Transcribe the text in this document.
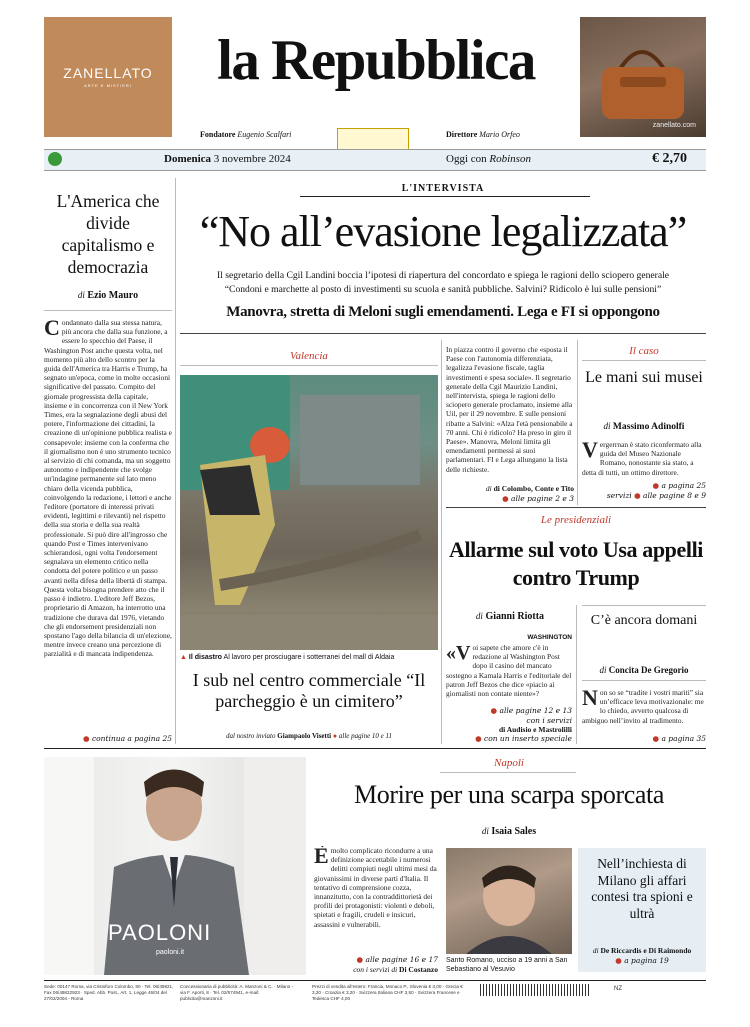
ZANELLATO
ARTE E MISTIERI	la Repubblica
zanellato.com
Fondatore Eugenio Scalfari	Direttore Mario Orfeo
Domenica 3 novembre 2024	Oggi con Robinson	€ 2,70
L'America che divide capitalismo e democrazia
di Ezio Mauro
Condannato dalla sua stessa natura, più ancora che dalla sua funzione, a essere lo specchio del Paese, il Washington Post anche questa volta, nel momento più alto dello scontro per la guida dell'America tra Harris e Trump, ha segnato un'epoca, come in molte occasioni significative del passato. Compito del giornale progressista della capitale, insieme e in concorrenza con il New York Times, era la segnalazione degli abusi del potere, l'informazione dei cittadini, la creazione di un'opinione pubblica realista e consapevole: insieme con la conferma che il giornalismo non è uno strumento tecnico al servizio di chi comanda, ma un soggetto autonomo e indipendente che svolge un'indagine permanente sul lato meno chiaro della vicenda pubblica, coinvolgendo la redazione, i lettori e anche l'editore (portatore di interessi privati evidenti, legittimi e rilevanti) nel rispetto della sua storia e della sua realtà professionale. Si può dire all'ingrosso che quando Post e Times intervenivano schierandosi, ogni volta l'endorsement segnalava un elemento critico nella condotta del potere politico e un passo avanti nella difesa della libertà di stampa. Questa volta bisogna prendere atto che il passo è indietro. L'editore Jeff Bezos, proprietario di Amazon, ha interrotto una tradizione che durava dal 1976, vietando che gli endorsement presidenziali non spostano l'ago della bilancia di un'elezione, mentre invece creano una percezione di parzialità e di mancata indipendenza.
● continua a pagina 25
L'INTERVISTA
“No all’evasione legalizzata”
Il segretario della Cgil Landini boccia l’ipotesi di riapertura del concordato e spiega le ragioni dello sciopero generale
“Condoni e marchette al posto di investimenti su scuola e sanità pubbliche. Salvini? Ridicolo è lui sulle pensioni”
Manovra, stretta di Meloni sugli emendamenti. Lega e FI si oppongono
Valencia
▲ Il disastro Al lavoro per prosciugare i sotterranei del mall di Aldaia
I sub nel centro commerciale “Il parcheggio è un cimitero”
dal nostro inviato Giampaolo Visetti ● alle pagine 10 e 11
In piazza contro il governo che «sposta il Paese con l'autonomia differenziata, legalizza l'evasione fiscale, taglia investimenti e spesa sociale». Il segretario generale della Cgil Maurizio Landini, nell'intervista, spiega le ragioni dello sciopero generale proclamato, insieme alla Uil, per il 29 novembre. E sulle pensioni ribatte a Salvini: «Alza l'età pensionabile a 70 anni. Chi è ridicolo? Ha preso in giro il Paese». Manovra, Meloni limita gli emendamenti permessi ai suoi parlamentari. FI e Lega allungano la lista delle richieste.
di di Colombo, Conte e Tito
● alle pagine 2 e 3
Il caso
Le mani sui musei
di Massimo Adinolfi
Vergerrnan è stato riconfermato alla guida del Museo Nazionale Romano, nonostante sia stato, a detta di tutti, un ottimo direttore.
● a pagina 25
servizi ● alle pagine 8 e 9
Le presidenziali
Allarme sul voto Usa appelli contro Trump
di Gianni Riotta
WASHINGTON
«V oi sapete che amore c'è in redazione al Washington Post dopo il casino del mancato sostegno a Kamala Harris e l'editoriale del patron Jeff Bezos che dice «piacio ai giornalisti non contate niente»?
● alle pagine 12 e 13
con i servizi
di Audisio e Mastrolilli
● con un inserto speciale
C’è ancora domani
di Concita De Gregorio
Non so se “tradite i vostri mariti” sia un’efficace leva motivazionale: me lo chiedo, avverto qualcosa di ambiguo nell’invito al tradimento.
● a pagina 35
PAOLONI
paoloni.it
Napoli
Morire per una scarpa sporcata
di Isaia Sales
Èmolto complicato ricondurre a una definizione accettabile i numerosi delitti compiuti negli ultimi mesi da giovanissimi in diverse parti d'Italia. Il tentativo di comprensione cozza, innanzitutto, con la contraddittorietà dei profili dei protagonisti: violenti e deboli, spietati e fragili, crudeli e insicuri, assassini e vulnerabili.
● alle pagine 16 e 17
con i servizi di Di Costanzo
Santo Romano, ucciso a 19 anni a San Sebastiano al Vesuvio
Nell’inchiesta di Milano gli affari contesi tra spioni e ultrà
di De Riccardis e Di Raimondo
● a pagina 19
Sede: 00147 Roma, via Cristoforo Colombo, 90 · Tel. 06/49821, Fax 06/49822923 · Sped. Abb. Post., Art. 1, Legge 46/04 del 27/02/2004 - Roma
Concessionaria di pubblicità: A. Manzoni & C. · Milano - via F. Aporti, 8 · Tel. 02/574941, e-mail: publicita@manzoni.it
Prezzi di vendita all’estero: Francia, Monaco P., Slovenia € 3,00 · Grecia € 3,20 · Croazia € 3,20 · Svizzera Italiana CHF 3,50 · Svizzera Francese e Tedesca CHF 4,00
NZ
